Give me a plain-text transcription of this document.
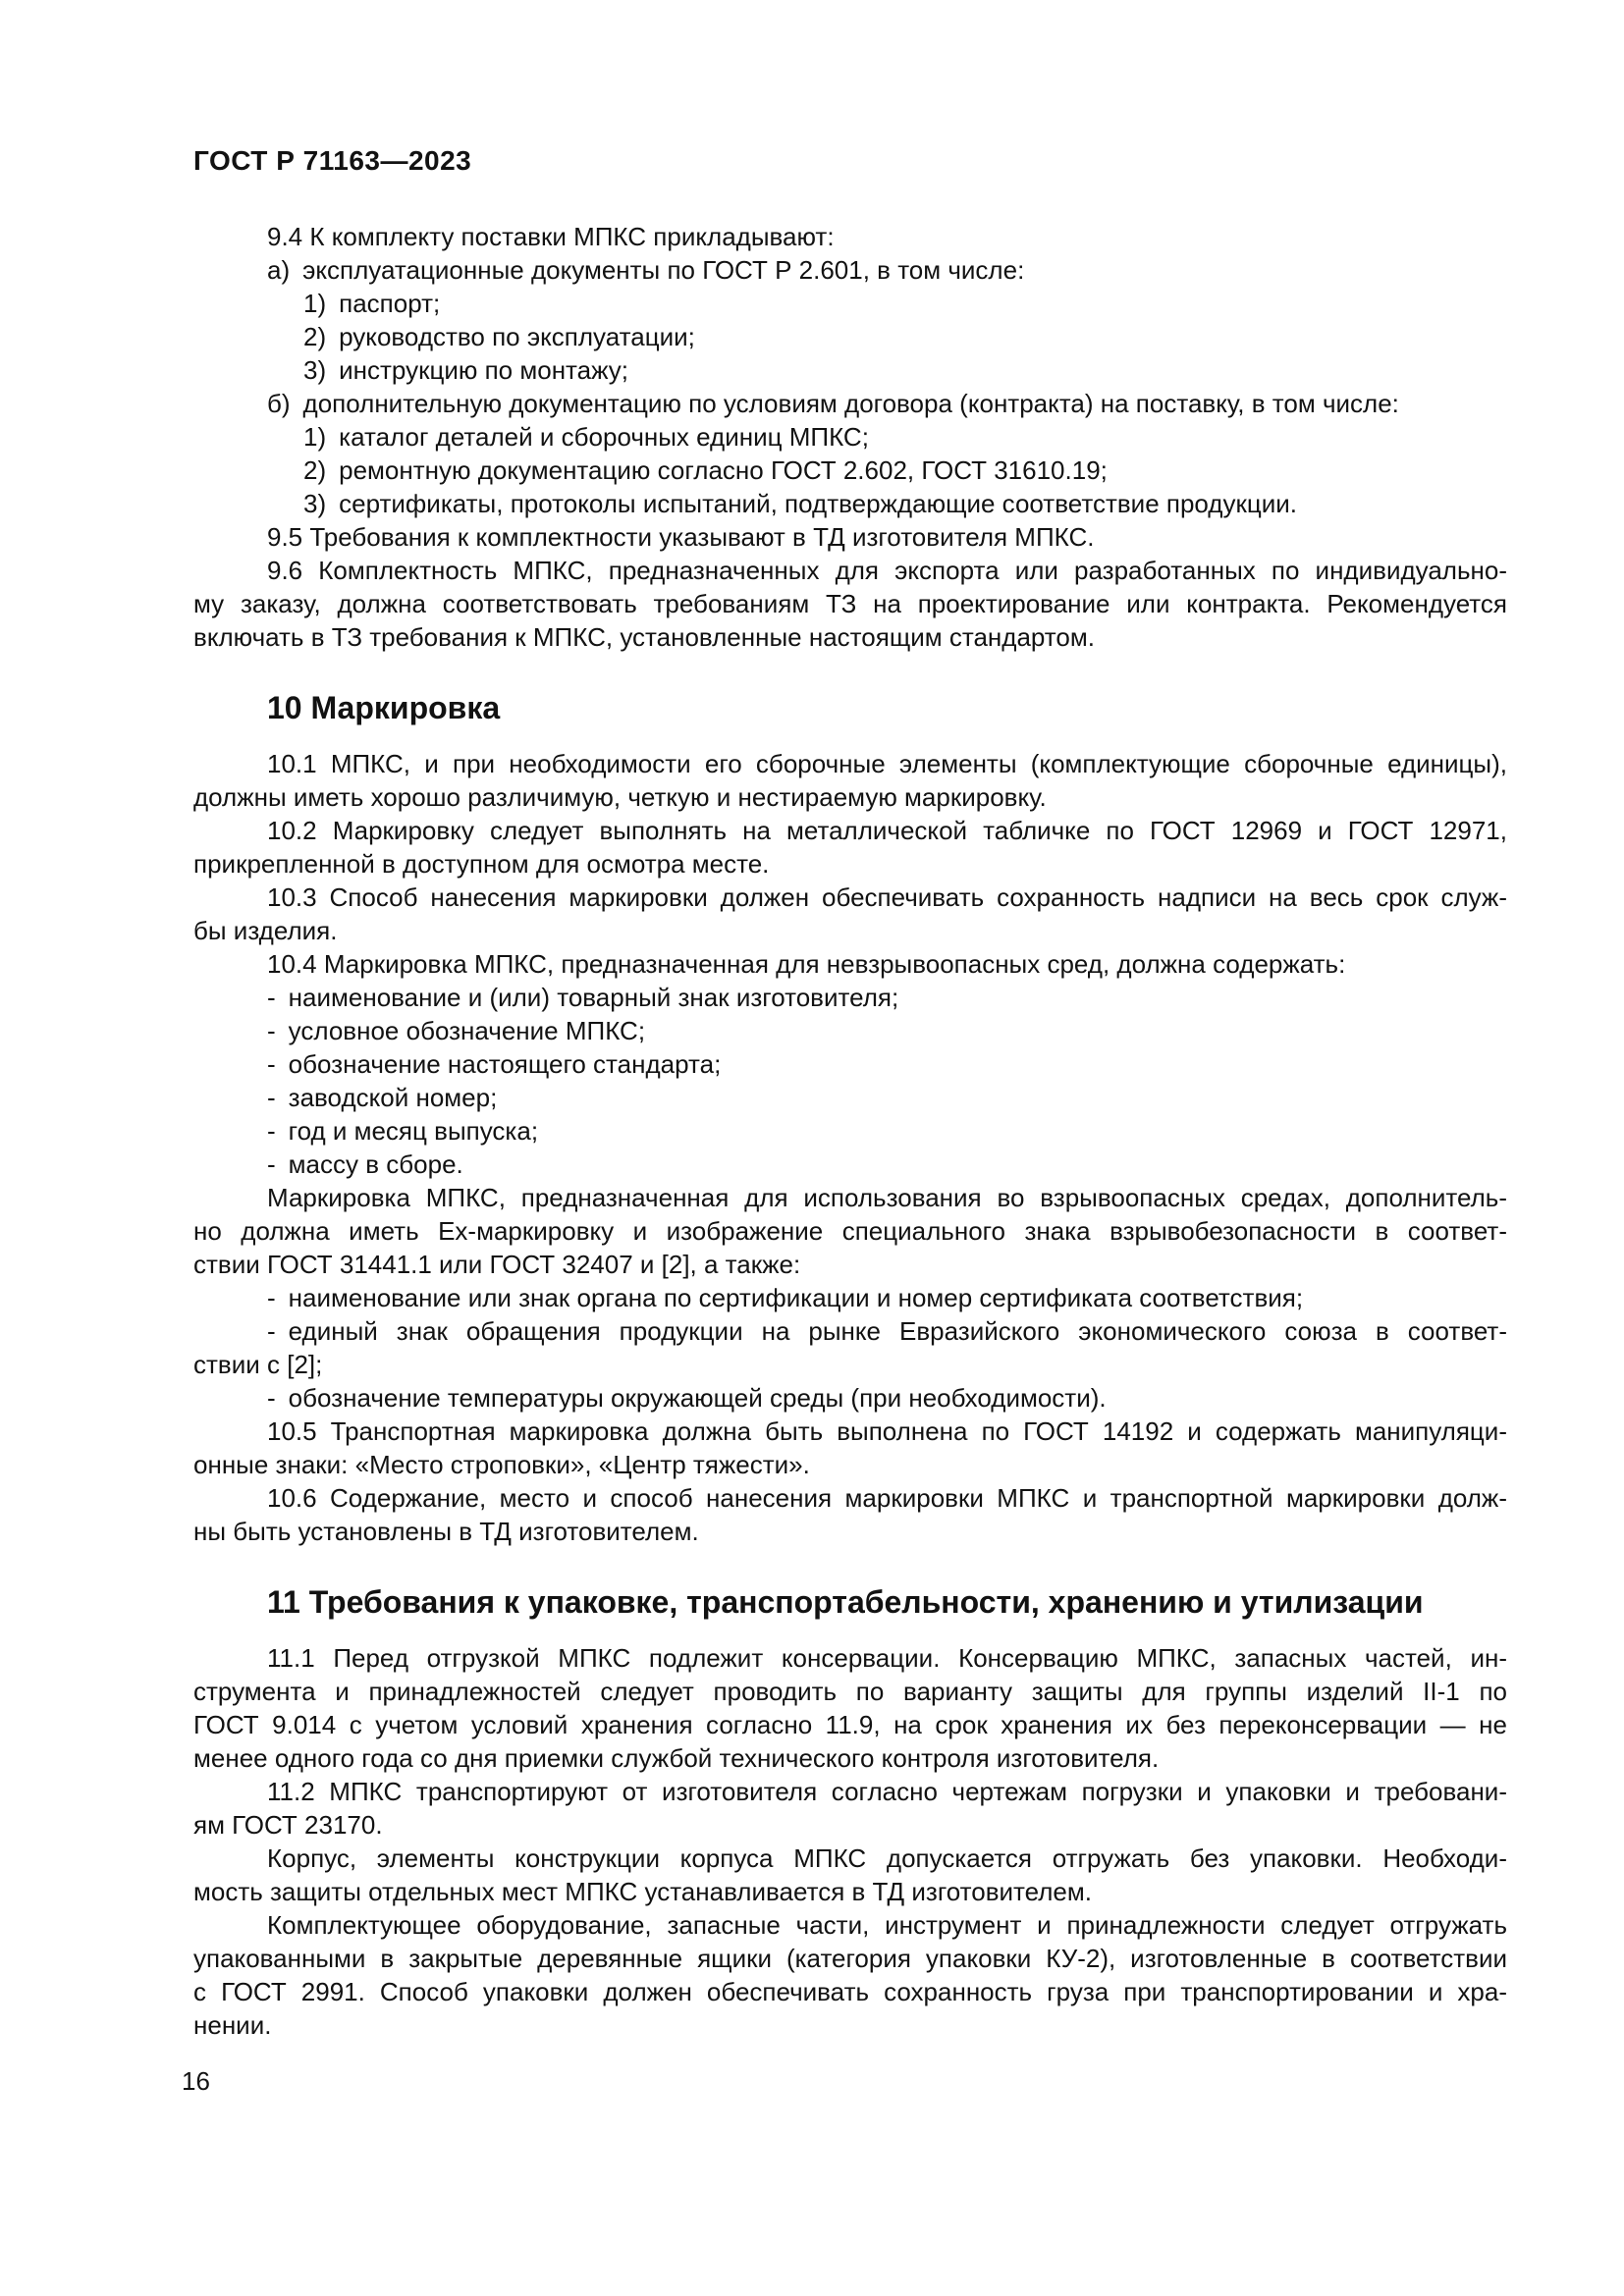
ГОСТ Р 71163—2023
9.4 К комплекту поставки МПКС прикладывают:
а) эксплуатационные документы по ГОСТ Р 2.601, в том числе:
1) паспорт;
2) руководство по эксплуатации;
3) инструкцию по монтажу;
б) дополнительную документацию по условиям договора (контракта) на поставку, в том числе:
1) каталог деталей и сборочных единиц МПКС;
2) ремонтную документацию согласно ГОСТ 2.602, ГОСТ 31610.19;
3) сертификаты, протоколы испытаний, подтверждающие соответствие продукции.
9.5 Требования к комплектности указывают в ТД изготовителя МПКС.
9.6 Комплектность МПКС, предназначенных для экспорта или разработанных по индивидуально-
му заказу, должна соответствовать требованиям ТЗ на проектирование или контракта. Рекомендуется
включать в ТЗ требования к МПКС, установленные настоящим стандартом.
10 Маркировка
10.1 МПКС, и при необходимости его сборочные элементы (комплектующие сборочные единицы),
должны иметь хорошо различимую, четкую и нестираемую маркировку.
10.2 Маркировку следует выполнять на металлической табличке по ГОСТ 12969 и ГОСТ 12971,
прикрепленной в доступном для осмотра месте.
10.3 Способ нанесения маркировки должен обеспечивать сохранность надписи на весь срок служ-
бы изделия.
10.4 Маркировка МПКС, предназначенная для невзрывоопасных сред, должна содержать:
- наименование и (или) товарный знак изготовителя;
- условное обозначение МПКС;
- обозначение настоящего стандарта;
- заводской номер;
- год и месяц выпуска;
- массу в сборе.
Маркировка МПКС, предназначенная для использования во взрывоопасных средах, дополнитель-
но должна иметь Ex-маркировку и изображение специального знака взрывобезопасности в соответ-
ствии ГОСТ 31441.1 или ГОСТ 32407 и [2], а также:
- наименование или знак органа по сертификации и номер сертификата соответствия;
- единый знак обращения продукции на рынке Евразийского экономического союза в соответ-
ствии с [2];
- обозначение температуры окружающей среды (при необходимости).
10.5 Транспортная маркировка должна быть выполнена по ГОСТ 14192 и содержать манипуляци-
онные знаки: «Место строповки», «Центр тяжести».
10.6 Содержание, место и способ нанесения маркировки МПКС и транспортной маркировки долж-
ны быть установлены в ТД изготовителем.
11 Требования к упаковке, транспортабельности, хранению и утилизации
11.1 Перед отгрузкой МПКС подлежит консервации. Консервацию МПКС, запасных частей, ин-
струмента и принадлежностей следует проводить по варианту защиты для группы изделий II-1 по
ГОСТ 9.014 с учетом условий хранения согласно 11.9, на срок хранения их без переконсервации — не
менее одного года со дня приемки службой технического контроля изготовителя.
11.2 МПКС транспортируют от изготовителя согласно чертежам погрузки и упаковки и требовани-
ям ГОСТ 23170.
Корпус, элементы конструкции корпуса МПКС допускается отгружать без упаковки. Необходи-
мость защиты отдельных мест МПКС устанавливается в ТД изготовителем.
Комплектующее оборудование, запасные части, инструмент и принадлежности следует отгружать
упакованными в закрытые деревянные ящики (категория упаковки КУ-2), изготовленные в соответствии
с ГОСТ 2991. Способ упаковки должен обеспечивать сохранность груза при транспортировании и хра-
нении.
16
